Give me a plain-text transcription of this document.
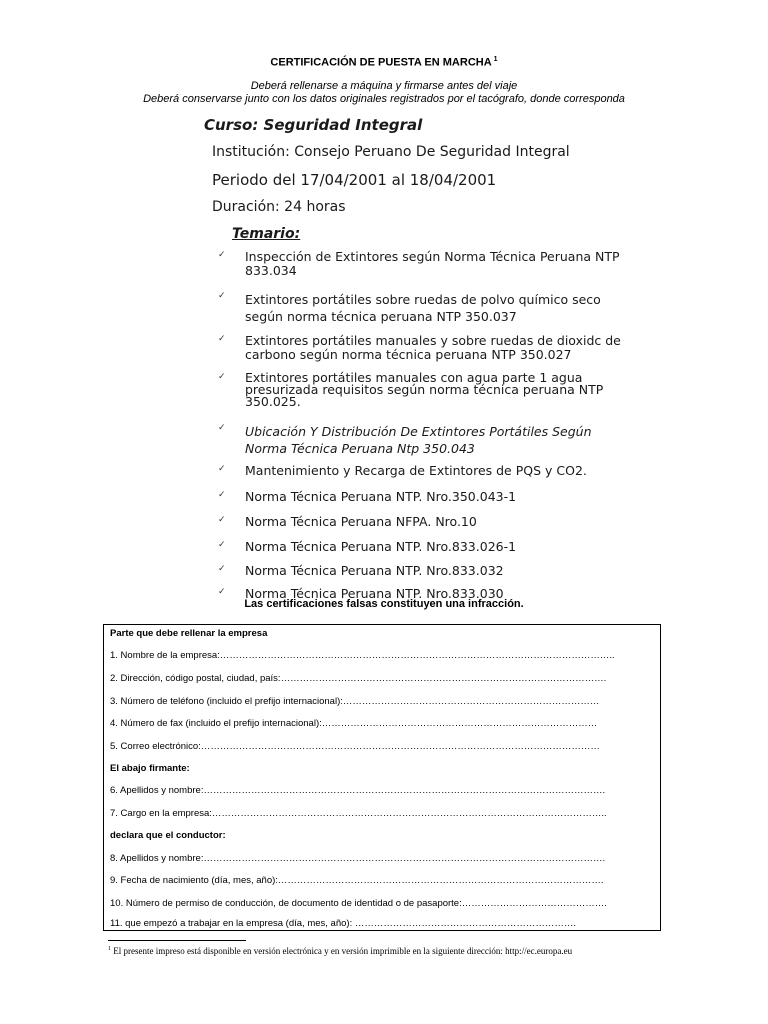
CERTIFICACIÓN DE PUESTA EN MARCHA $^1$
Deberá rellenarse a máquina y firmarse antes del viaje
Deberá conservarse junto con los datos originales registrados por el tacógrafo, donde corresponda
Curso: Seguridad Integral
Institución: Consejo Peruano De Seguridad Integral
Periodo del 17/04/2001 al 18/04/2001
Duración: 24 horas
Temario:
✓ Inspección de Extintores según Norma Técnica Peruana NTP 833.034
✓ Extintores portátiles sobre ruedas de polvo químico seco según norma técnica peruana NTP 350.037
✓ Extintores portátiles manuales y sobre ruedas de dioxidc de carbono según norma técnica peruana NTP 350.027
✓ Extintores portátiles manuales con agua parte 1 agua presurizada requisitos según norma técnica peruana NTP 350.025.
✓ Ubicación Y Distribución De Extintores Portátiles Según Norma Técnica Peruana Ntp 350.043
✓ Mantenimiento y Recarga de Extintores de PQS y CO2.
✓ Norma Técnica Peruana NTP. Nro.350.043-1
✓ Norma Técnica Peruana NFPA. Nro.10
✓ Norma Técnica Peruana NTP. Nro.833.026-1
✓ Norma Técnica Peruana NTP. Nro.833.032
✓ Norma Técnica Peruana NTP. Nro.833.030
Las certificaciones falsas constituyen una infracción.
Parte que debe rellenar la empresa
1. Nombre de la empresa:……………………………………………………………………………………………………………..
2. Dirección, código postal, ciudad, país:………………………………………………………………………………………….
3. Número de teléfono (incluido el prefijo internacional):………………………………………………………………………
4. Número de fax (incluido el prefijo internacional):……………………………………………………………………………
5. Correo electrónico:………………………………………………………………………………………………………………
El abajo firmante:
6. Apellidos y nombre:……………………………………………………………………………………………………………….
7. Cargo en la empresa:……………………………………………………………………………………………………………..
declara que el conductor:
8. Apellidos y nombre:……………………………………………………………………………………………………………….
9. Fecha de nacimiento (día, mes, año):………………………………………………………………………………………….
10. Número de permiso de conducción, de documento de identidad o de pasaporte:……………………………………….
11. que empezó a trabajar en la empresa (día, mes, año): …………………………………………………………….
$^1$ El presente impreso está disponible en versión electrónica y en versión imprimible en la siguiente dirección: http://ec.europa.eu
